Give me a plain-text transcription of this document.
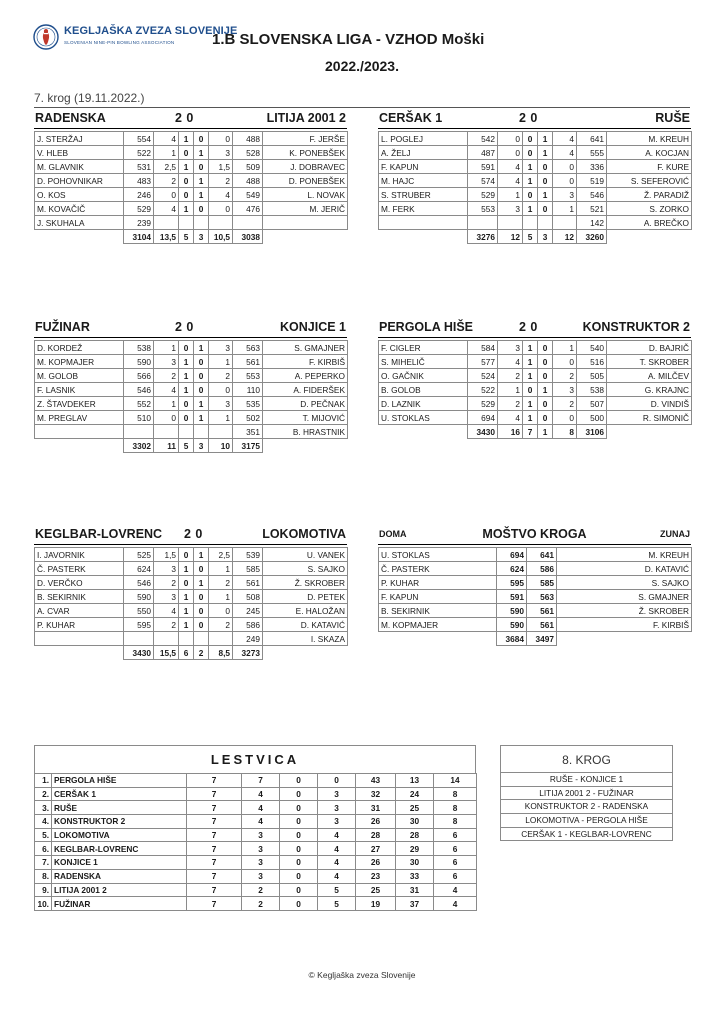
KEGLJAŠKA ZVEZA SLOVENIJE
SLOVENIAN NINE-PIN BOWLING ASSOCIATION	1.B SLOVENSKA LIGA - VZHOD Moški
2022./2023.
7. krog (19.11.2022.)
RADENSKA	2 0	LITIJA 2001 2
J. STERŽAJ	554	4	1	0	0	488	F. JERŠE
V. HLEB	522	1	0	1	3	528	K. PONEBŠEK
M. GLAVNIK	531	2,5	1	0	1,5	509	J. DOBRAVEC
D. POHOVNIKAR	483	2	0	1	2	488	D. PONEBŠEK
O. KOS	246	0	0	1	4	549	L. NOVAK
M. KOVAČIČ	529	4	1	0	0	476	M. JERIČ
J. SKUHALA	239						
	3104	13,5	5	3	10,5	3038	
CERŠAK 1	2 0	RUŠE
L. POGLEJ	542	0	0	1	4	641	M. KREUH
A. ŽELJ	487	0	0	1	4	555	A. KOCJAN
F. KAPUN	591	4	1	0	0	336	F. KURE
M. HAJC	574	4	1	0	0	519	S. SEFEROVIĆ
S. STRUBER	529	1	0	1	3	546	Ž. PARADIŽ
M. FERK	553	3	1	0	1	521	S. ZORKO
						142	A. BREČKO
	3276	12	5	3	12	3260	
FUŽINAR	2 0	KONJICE 1
D. KORDEŽ	538	1	0	1	3	563	S. GMAJNER
M. KOPMAJER	590	3	1	0	1	561	F. KIRBIŠ
M. GOLOB	566	2	1	0	2	553	A. PEPERKO
F. LASNIK	546	4	1	0	0	110	A. FIDERŠEK
Z. ŠTAVDEKER	552	1	0	1	3	535	D. PEČNAK
M. PREGLAV	510	0	0	1	1	502	T. MIJOVIĆ
						351	B. HRASTNIK
	3302	11	5	3	10	3175	
PERGOLA HIŠE	2 0	KONSTRUKTOR 2
F. CIGLER	584	3	1	0	1	540	D. BAJRIČ
S. MIHELIČ	577	4	1	0	0	516	T. SKROBER
O. GAČNIK	524	2	1	0	2	505	A. MILČEV
B. GOLOB	522	1	0	1	3	538	G. KRAJNC
D. LAZNIK	529	2	1	0	2	507	D. VINDIŠ
U. STOKLAS	694	4	1	0	0	500	R. SIMONIČ
	3430	16	7	1	8	3106	
KEGLBAR-LOVRENC 2 0	LOKOMOTIVA
I. JAVORNIK	525	1,5	0	1	2,5	539	U. VANEK
Č. PASTERK	624	3	1	0	1	585	S. SAJKO
D. VERČKO	546	2	0	1	2	561	Ž. SKROBER
B. SEKIRNIK	590	3	1	0	1	508	D. PETEK
A. CVAR	550	4	1	0	0	245	E. HALOŽAN
P. KUHAR	595	2	1	0	2	586	D. KATAVIĆ
						249	I. SKAZA
	3430	15,5	6	2	8,5	3273	
DOMA	MOŠTVO KROGA	ZUNAJ
U. STOKLAS	694	641	M. KREUH
Č. PASTERK	624	586	D. KATAVIĆ
P. KUHAR	595	585	S. SAJKO
F. KAPUN	591	563	S. GMAJNER
B. SEKIRNIK	590	561	Ž. SKROBER
M. KOPMAJER	590	561	F. KIRBIŠ
	3684	3497	
LESTVICA
1.	PERGOLA HIŠE	7	7	0	0	43	13	14
2.	CERŠAK 1	7	4	0	3	32	24	8
3.	RUŠE	7	4	0	3	31	25	8
4.	KONSTRUKTOR 2	7	4	0	3	26	30	8
5.	LOKOMOTIVA	7	3	0	4	28	28	6
6.	KEGLBAR-LOVRENC	7	3	0	4	27	29	6
7.	KONJICE 1	7	3	0	4	26	30	6
8.	RADENSKA	7	3	0	4	23	33	6
9.	LITIJA 2001 2	7	2	0	5	25	31	4
10.	FUŽINAR	7	2	0	5	19	37	4
8. KROG
RUŠE - KONJICE 1
LITIJA 2001 2 - FUŽINAR
KONSTRUKTOR 2 - RADENSKA
LOKOMOTIVA - PERGOLA HIŠE
CERŠAK 1 - KEGLBAR-LOVRENC
© Kegljaška zveza Slovenije
